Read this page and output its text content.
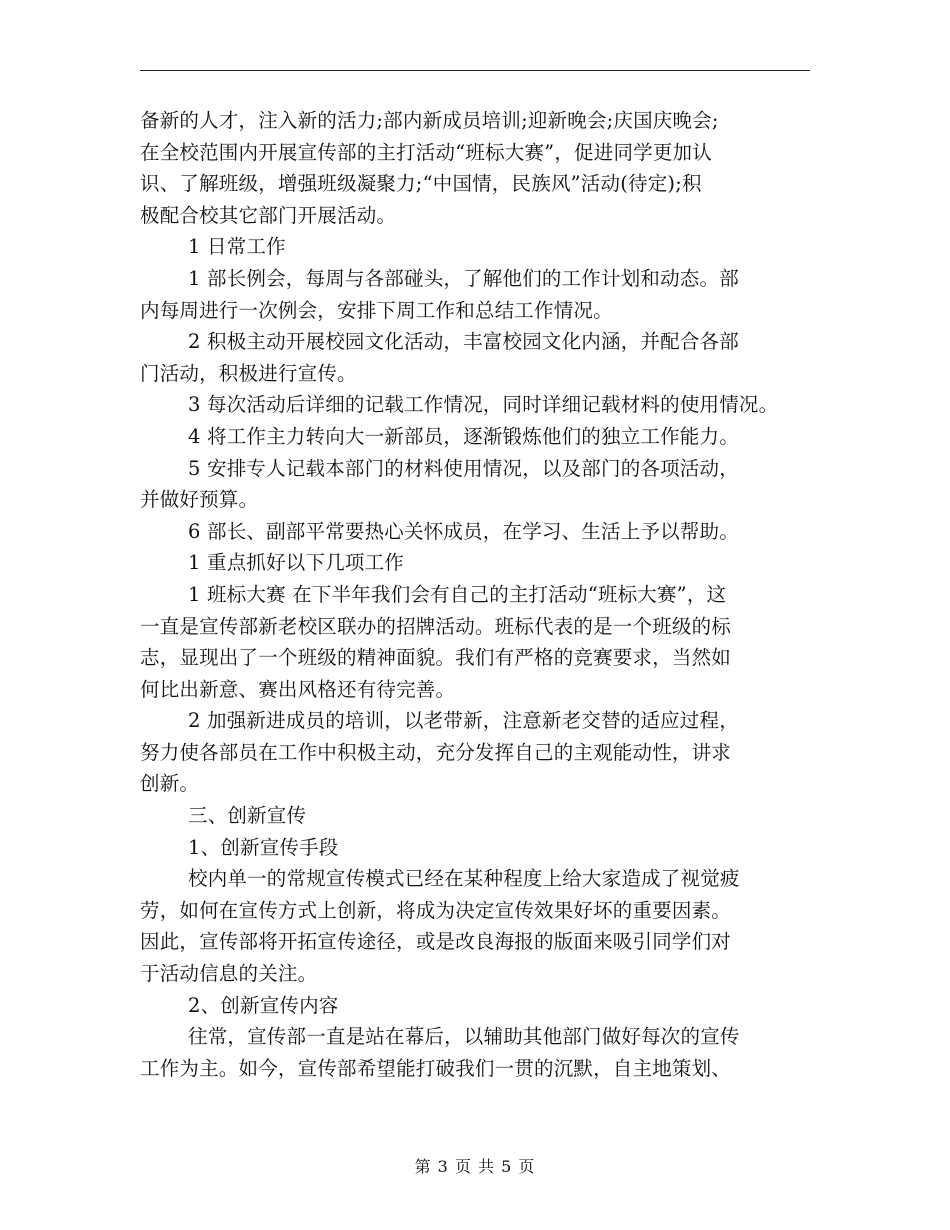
备新的人才，注入新的活力;部内新成员培训;迎新晚会;庆国庆晚会;
在全校范围内开展宣传部的主打活动“班标大赛”，促进同学更加认
识、了解班级，增强班级凝聚力;“中国情，民族风”活动(待定);积
极配合校其它部门开展活动。
1 日常工作
1 部长例会，每周与各部碰头，了解他们的工作计划和动态。部
内每周进行一次例会，安排下周工作和总结工作情况。
2 积极主动开展校园文化活动，丰富校园文化内涵，并配合各部
门活动，积极进行宣传。
3 每次活动后详细的记载工作情况，同时详细记载材料的使用情况。
4 将工作主力转向大一新部员，逐渐锻炼他们的独立工作能力。
5 安排专人记载本部门的材料使用情况，以及部门的各项活动，
并做好预算。
6 部长、副部平常要热心关怀成员，在学习、生活上予以帮助。
1 重点抓好以下几项工作
1 班标大赛 在下半年我们会有自己的主打活动“班标大赛”，这
一直是宣传部新老校区联办的招牌活动。班标代表的是一个班级的标
志，显现出了一个班级的精神面貌。我们有严格的竞赛要求，当然如
何比出新意、赛出风格还有待完善。
2 加强新进成员的培训，以老带新，注意新老交替的适应过程，
努力使各部员在工作中积极主动，充分发挥自己的主观能动性，讲求
创新。
三、创新宣传
1、创新宣传手段
校内单一的常规宣传模式已经在某种程度上给大家造成了视觉疲
劳，如何在宣传方式上创新，将成为决定宣传效果好坏的重要因素。
因此，宣传部将开拓宣传途径，或是改良海报的版面来吸引同学们对
于活动信息的关注。
2、创新宣传内容
往常，宣传部一直是站在幕后，以辅助其他部门做好每次的宣传
工作为主。如今，宣传部希望能打破我们一贯的沉默，自主地策划、
第 3 页 共 5 页
